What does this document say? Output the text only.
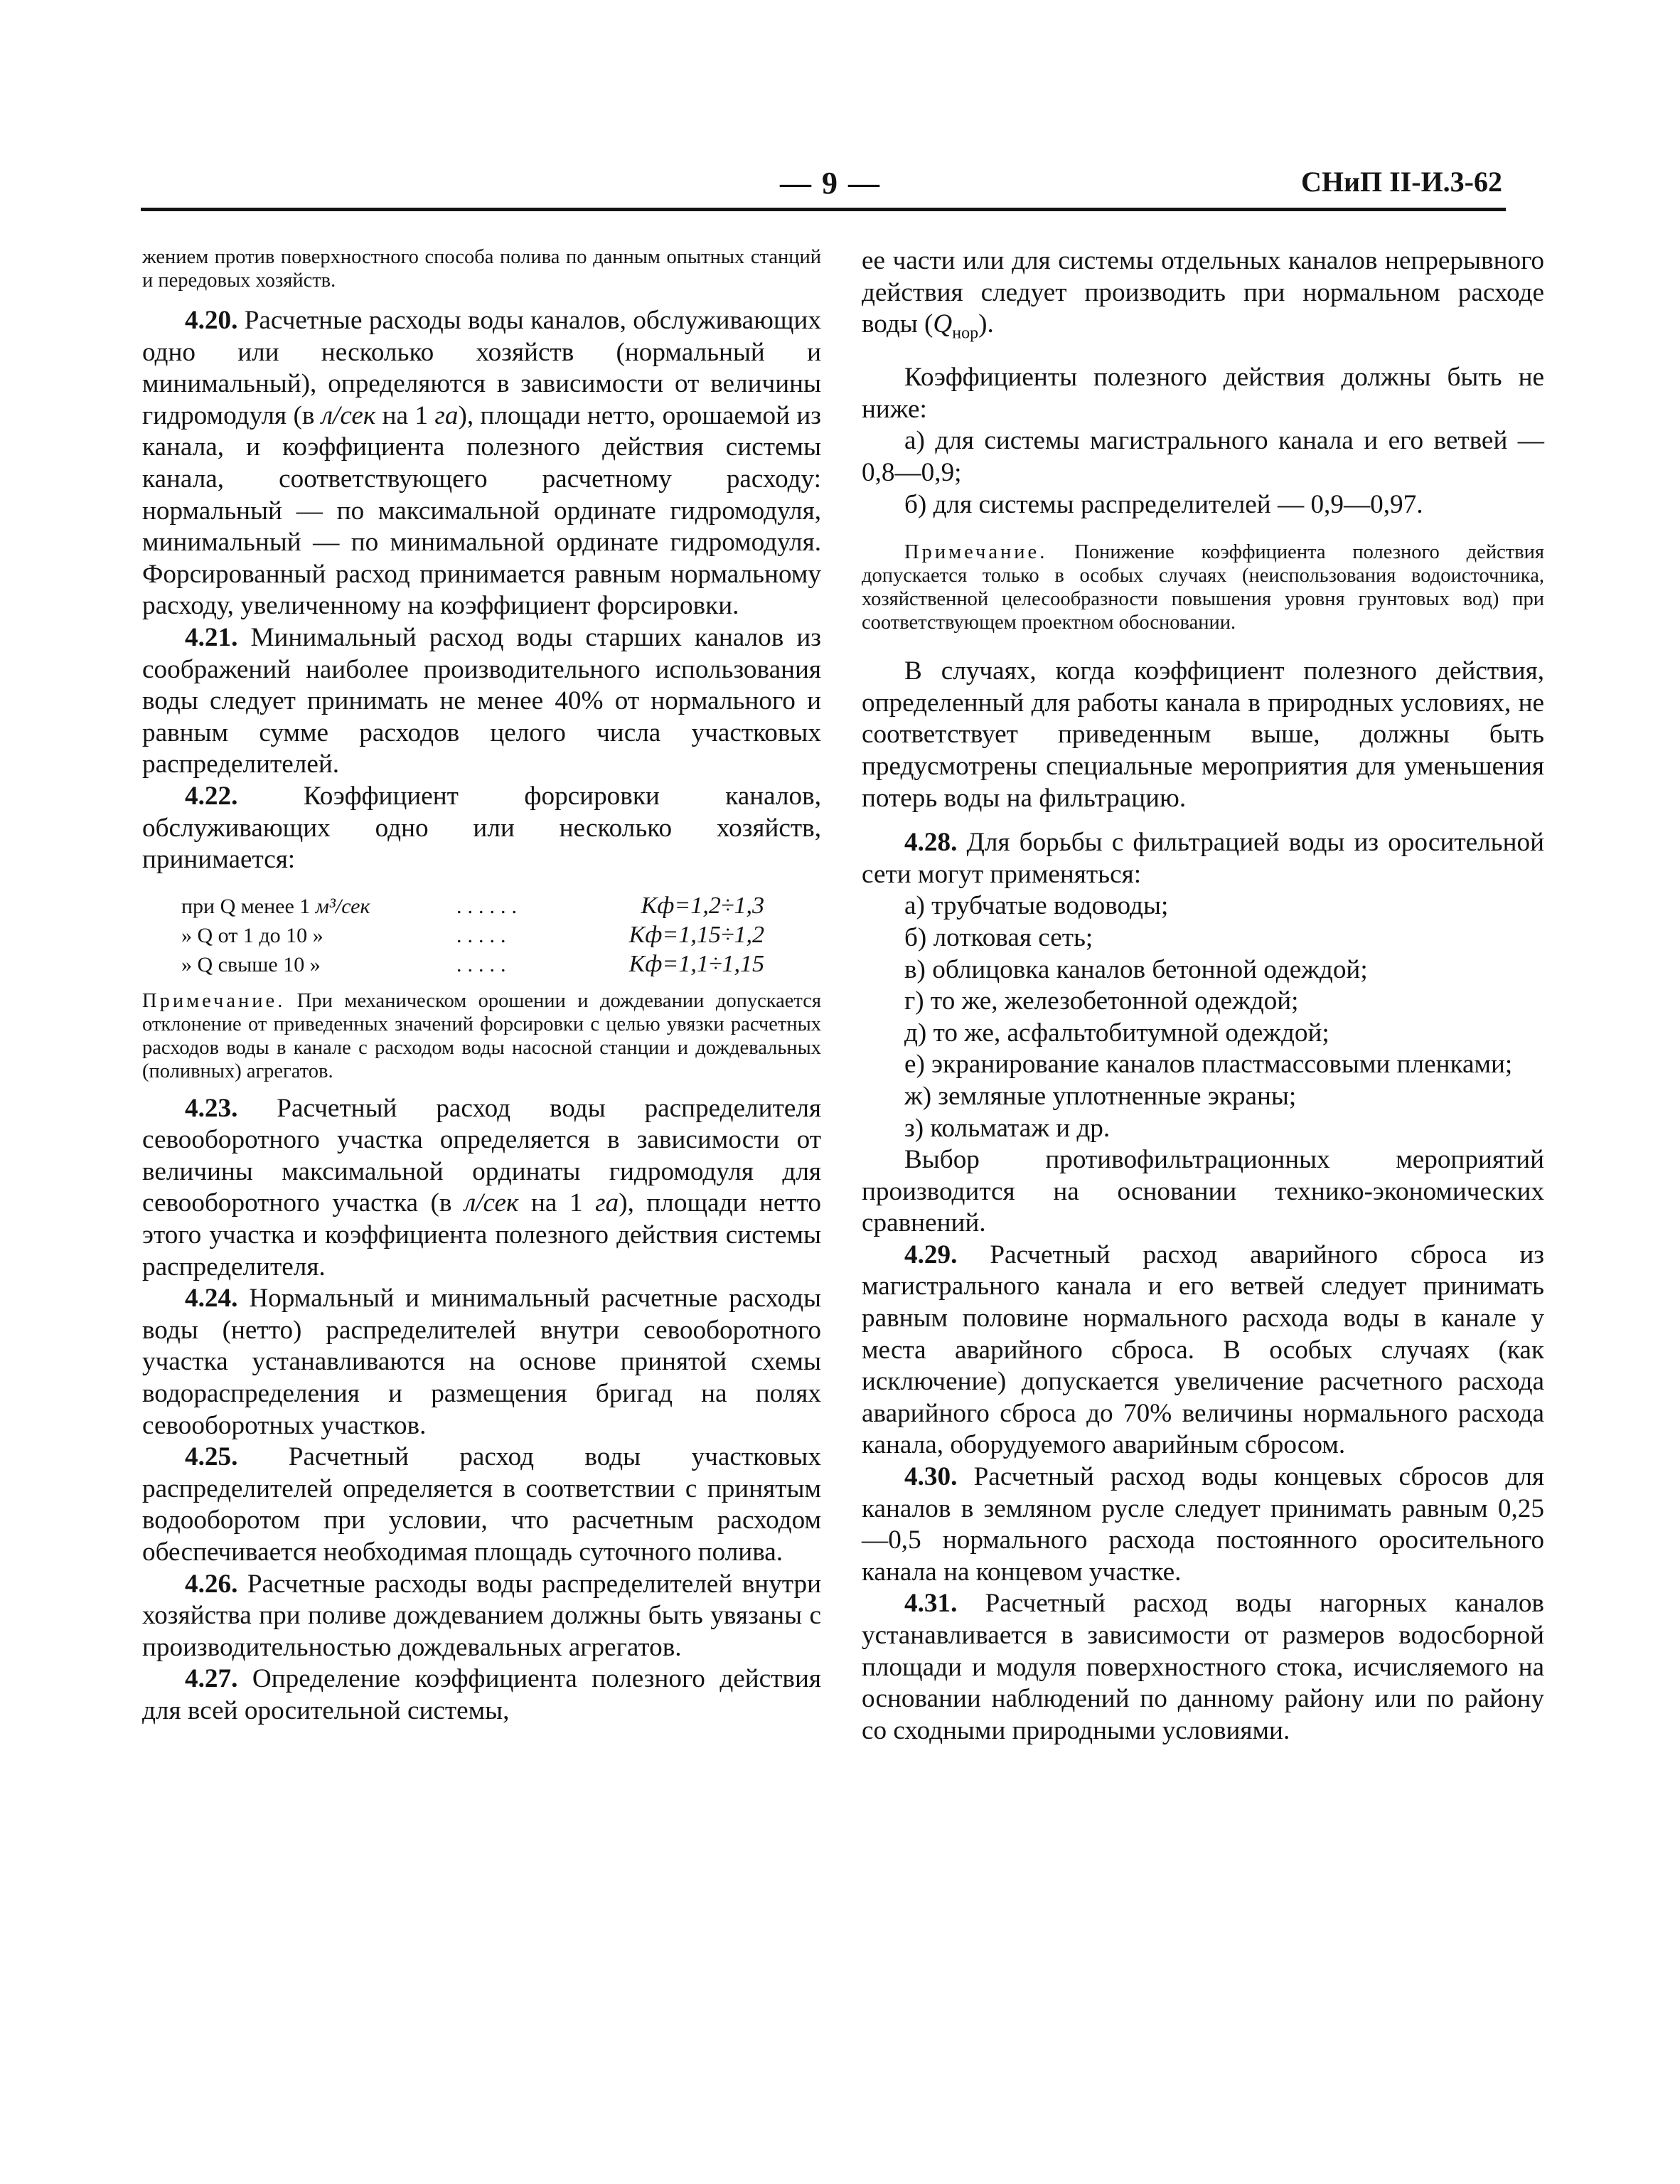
— 9 —	СНиП II-И.3-62

жением против поверхностного способа полива по данным опытных станций и передовых хозяйств.

4.20. Расчетные расходы воды каналов, обслуживающих одно или несколько хозяйств (нормальный и минимальный), определяются в зависимости от величины гидромодуля (в л/сек на 1 га), площади нетто, орошаемой из канала, и коэффициента полезного действия системы канала, соответствующего расчетному расходу: нормальный — по максимальной ординате гидромодуля, минимальный — по минимальной ординате гидромодуля. Форсированный расход принимается равным нормальному расходу, увеличенному на коэффициент форсировки.

4.21. Минимальный расход воды старших каналов из соображений наиболее производительного использования воды следует принимать не менее 40% от нормального и равным сумме расходов целого числа участковых распределителей.

4.22. Коэффициент форсировки каналов, обслуживающих одно или несколько хозяйств, принимается:

при Q менее 1 м³/сек	......	Kф=1,2÷1,3
» Q от 1 до 10 »	.....	Kф=1,15÷1,2
» Q свыше 10 »	.....	Kф=1,1÷1,15

Примечание. При механическом орошении и дождевании допускается отклонение от приведенных значений форсировки с целью увязки расчетных расходов воды в канале с расходом воды насосной станции и дождевальных (поливных) агрегатов.

4.23. Расчетный расход воды распределителя севооборотного участка определяется в зависимости от величины максимальной ординаты гидромодуля для севооборотного участка (в л/сек на 1 га), площади нетто этого участка и коэффициента полезного действия системы распределителя.

4.24. Нормальный и минимальный расчетные расходы воды (нетто) распределителей внутри севооборотного участка устанавливаются на основе принятой схемы водораспределения и размещения бригад на полях севооборотных участков.

4.25. Расчетный расход воды участковых распределителей определяется в соответствии с принятым водооборотом при условии, что расчетным расходом обеспечивается необходимая площадь суточного полива.

4.26. Расчетные расходы воды распределителей внутри хозяйства при поливе дождеванием должны быть увязаны с производительностью дождевальных агрегатов.

4.27. Определение коэффициента полезного действия для всей оросительной системы,

ее части или для системы отдельных каналов непрерывного действия следует производить при нормальном расходе воды $(Q_{нор})$.

Коэффициенты полезного действия должны быть не ниже:

а) для системы магистрального канала и его ветвей — 0,8—0,9;

б) для системы распределителей — 0,9—0,97.

Примечание. Понижение коэффициента полезного действия допускается только в особых случаях (неиспользования водоисточника, хозяйственной целесообразности повышения уровня грунтовых вод) при соответствующем проектном обосновании.

В случаях, когда коэффициент полезного действия, определенный для работы канала в природных условиях, не соответствует приведенным выше, должны быть предусмотрены специальные мероприятия для уменьшения потерь воды на фильтрацию.

4.28. Для борьбы с фильтрацией воды из оросительной сети могут применяться:

а) трубчатые водоводы;

б) лотковая сеть;

в) облицовка каналов бетонной одеждой;

г) то же, железобетонной одеждой;

д) то же, асфальтобитумной одеждой;

е) экранирование каналов пластмассовыми пленками;

ж) земляные уплотненные экраны;

з) кольматаж и др.

Выбор противофильтрационных мероприятий производится на основании технико-экономических сравнений.

4.29. Расчетный расход аварийного сброса из магистрального канала и его ветвей следует принимать равным половине нормального расхода воды в канале у места аварийного сброса. В особых случаях (как исключение) допускается увеличение расчетного расхода аварийного сброса до 70% величины нормального расхода канала, оборудуемого аварийным сбросом.

4.30. Расчетный расход воды концевых сбросов для каналов в земляном русле следует принимать равным 0,25—0,5 нормального расхода постоянного оросительного канала на концевом участке.

4.31. Расчетный расход воды нагорных каналов устанавливается в зависимости от размеров водосборной площади и модуля поверхностного стока, исчисляемого на основании наблюдений по данному району или по району со сходными природными условиями.
